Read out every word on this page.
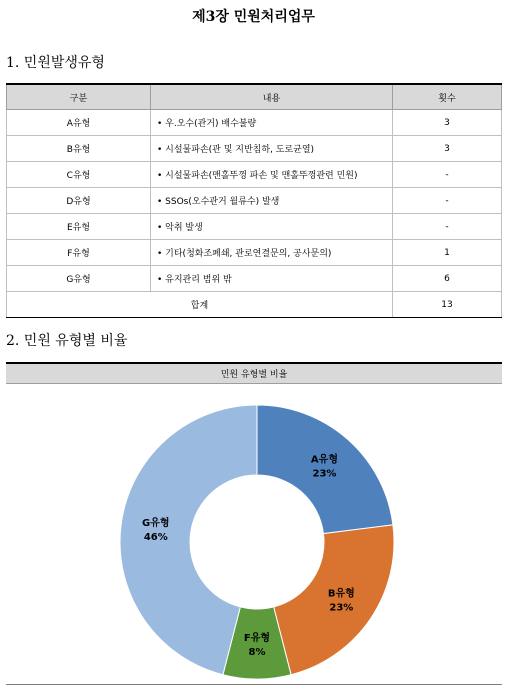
제3장 민원처리업무
1. 민원발생유형
구분	내용	횟수
A유형	• 우.오수(관거) 배수불량	3
B유형	• 시설물파손(관 및 지반침하, 도로균열)	3
C유형	• 시설물파손(맨홀뚜껑 파손 및 맨홀뚜껑관련 민원)	-
D유형	• SSOs(오수관거 월류수) 발생	-
E유형	• 악취 발생	-
F유형	• 기타(청화조폐쇄, 관로연결문의, 공사문의)	1
G유형	• 유지관리 범위 밖	6
합계		13
2. 민원 유형별 비율
민원 유형별 비율
A유형
23%
B유형
23%
F유형
8%
G유형
46%
